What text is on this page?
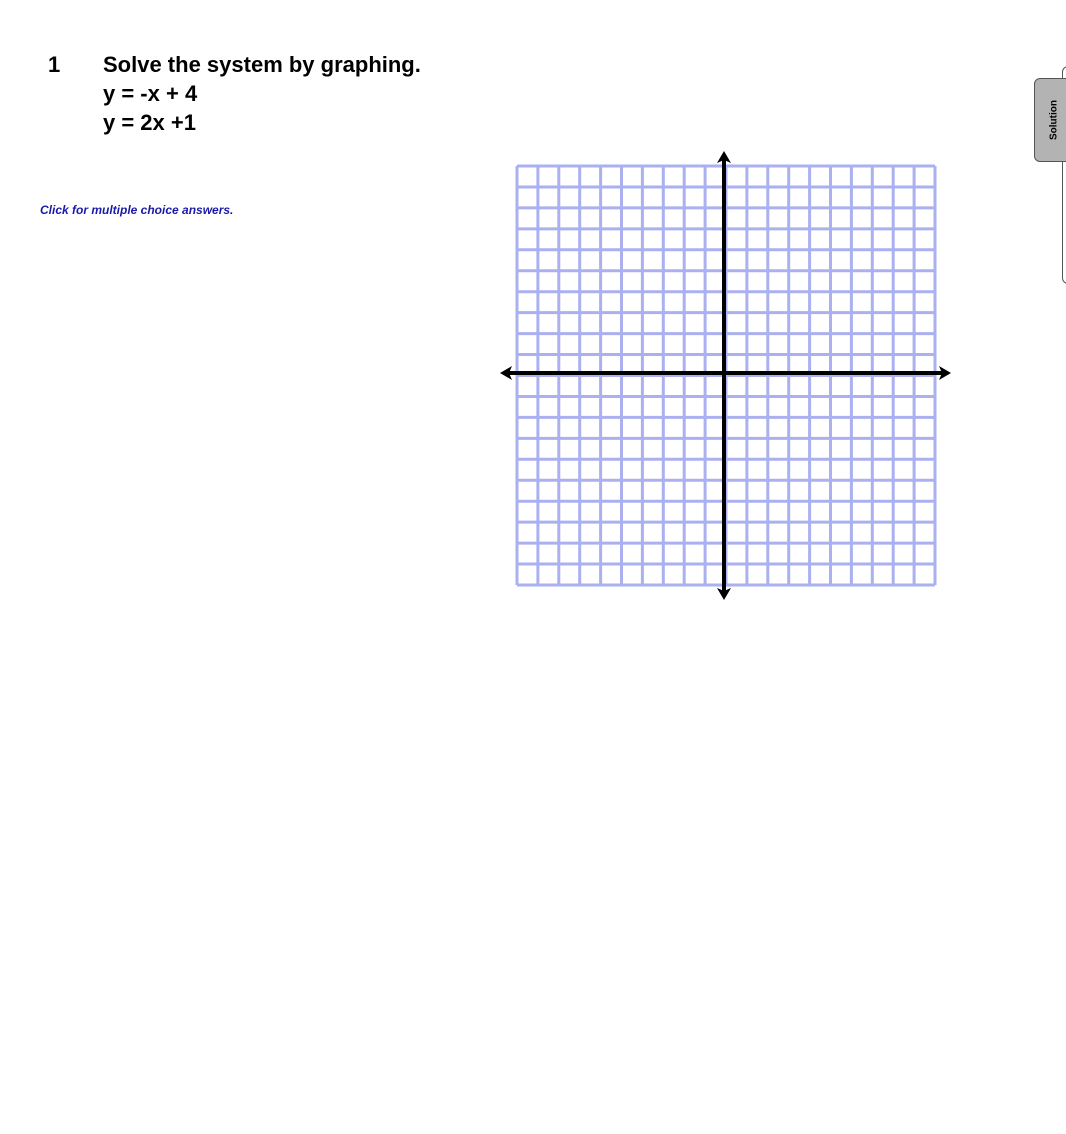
1 Solve the system by graphing.
y = -x + 4
y = 2x +1
Click for multiple choice answers.
Solution
